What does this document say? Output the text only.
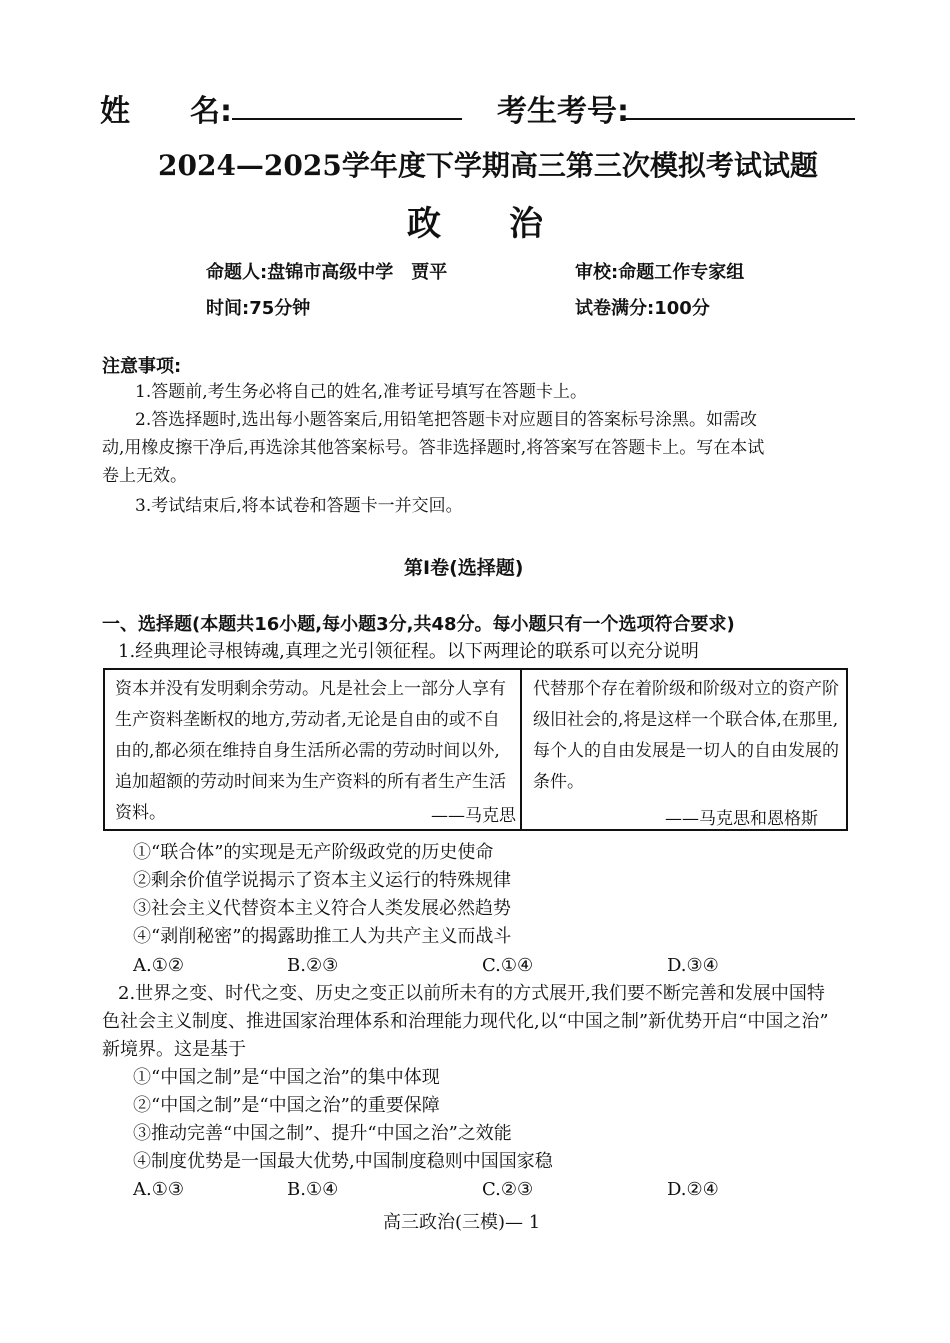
姓　　名:	考生考号:
2024—2025学年度下学期高三第三次模拟考试试题
政　　治
命题人:盘锦市高级中学　贾平	审校:命题工作专家组
时间:75分钟	试卷满分:100分
注意事项:
1.答题前,考生务必将自己的姓名,准考证号填写在答题卡上。
2.答选择题时,选出每小题答案后,用铅笔把答题卡对应题目的答案标号涂黑。如需改
动,用橡皮擦干净后,再选涂其他答案标号。答非选择题时,将答案写在答题卡上。写在本试
卷上无效。
3.考试结束后,将本试卷和答题卡一并交回。
第Ⅰ卷(选择题)
一、选择题(本题共16小题,每小题3分,共48分。每小题只有一个选项符合要求)
1.经典理论寻根铸魂,真理之光引领征程。以下两理论的联系可以充分说明
资本并没有发明剩余劳动。凡是社会上一部分人享有生产资料垄断权的地方,劳动者,无论是自由的或不自由的,都必须在维持自身生活所必需的劳动时间以外,追加超额的劳动时间来为生产资料的所有者生产生活资料。	——马克思
代替那个存在着阶级和阶级对立的资产阶级旧社会的,将是这样一个联合体,在那里,每个人的自由发展是一切人的自由发展的条件。
——马克思和恩格斯
①“联合体”的实现是无产阶级政党的历史使命
②剩余价值学说揭示了资本主义运行的特殊规律
③社会主义代替资本主义符合人类发展必然趋势
④“剥削秘密”的揭露助推工人为共产主义而战斗
A.①②	B.②③	C.①④	D.③④
2.世界之变、时代之变、历史之变正以前所未有的方式展开,我们要不断完善和发展中国特
色社会主义制度、推进国家治理体系和治理能力现代化,以“中国之制”新优势开启“中国之治”
新境界。这是基于
①“中国之制”是“中国之治”的集中体现
②“中国之制”是“中国之治”的重要保障
③推动完善“中国之制”、提升“中国之治”之效能
④制度优势是一国最大优势,中国制度稳则中国国家稳
A.①③	B.①④	C.②③	D.②④
高三政治(三模)— 1
